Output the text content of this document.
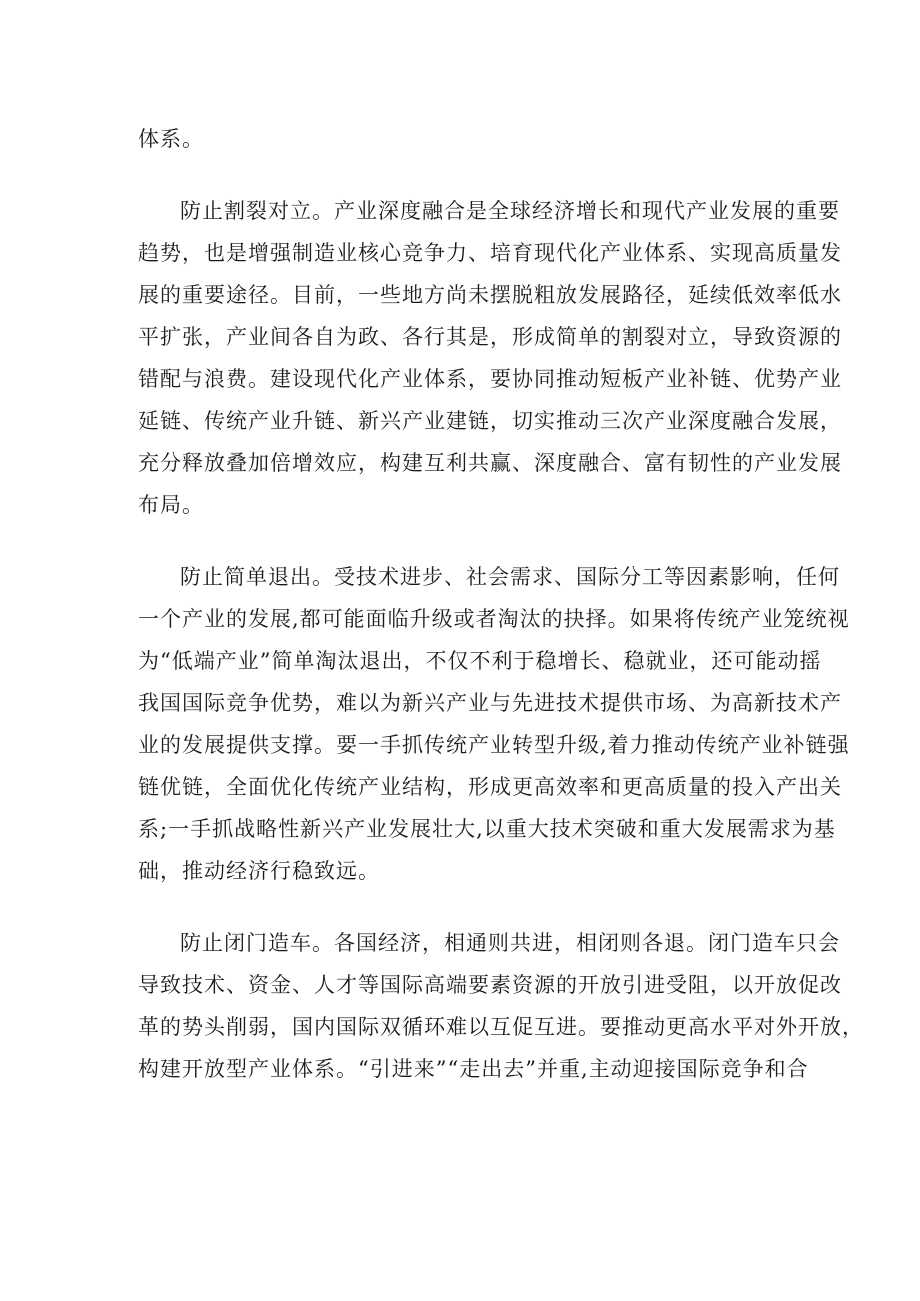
体系。
防止割裂对立。产业深度融合是全球经济增长和现代产业发展的重要
趋势，也是增强制造业核心竞争力、培育现代化产业体系、实现高质量发
展的重要途径。目前，一些地方尚未摆脱粗放发展路径，延续低效率低水
平扩张，产业间各自为政、各行其是，形成简单的割裂对立，导致资源的
错配与浪费。建设现代化产业体系，要协同推动短板产业补链、优势产业
延链、传统产业升链、新兴产业建链，切实推动三次产业深度融合发展，
充分释放叠加倍增效应，构建互利共赢、深度融合、富有韧性的产业发展
布局。
防止简单退出。受技术进步、社会需求、国际分工等因素影响，任何
一个产业的发展,都可能面临升级或者淘汰的抉择。如果将传统产业笼统视
为“低端产业”简单淘汰退出，不仅不利于稳增长、稳就业，还可能动摇
我国国际竞争优势，难以为新兴产业与先进技术提供市场、为高新技术产
业的发展提供支撑。要一手抓传统产业转型升级,着力推动传统产业补链强
链优链，全面优化传统产业结构，形成更高效率和更高质量的投入产出关
系;一手抓战略性新兴产业发展壮大,以重大技术突破和重大发展需求为基
础，推动经济行稳致远。
防止闭门造车。各国经济，相通则共进，相闭则各退。闭门造车只会
导致技术、资金、人才等国际高端要素资源的开放引进受阻，以开放促改
革的势头削弱，国内国际双循环难以互促互进。要推动更高水平对外开放，
构建开放型产业体系。“引进来”“走出去”并重,主动迎接国际竞争和合
